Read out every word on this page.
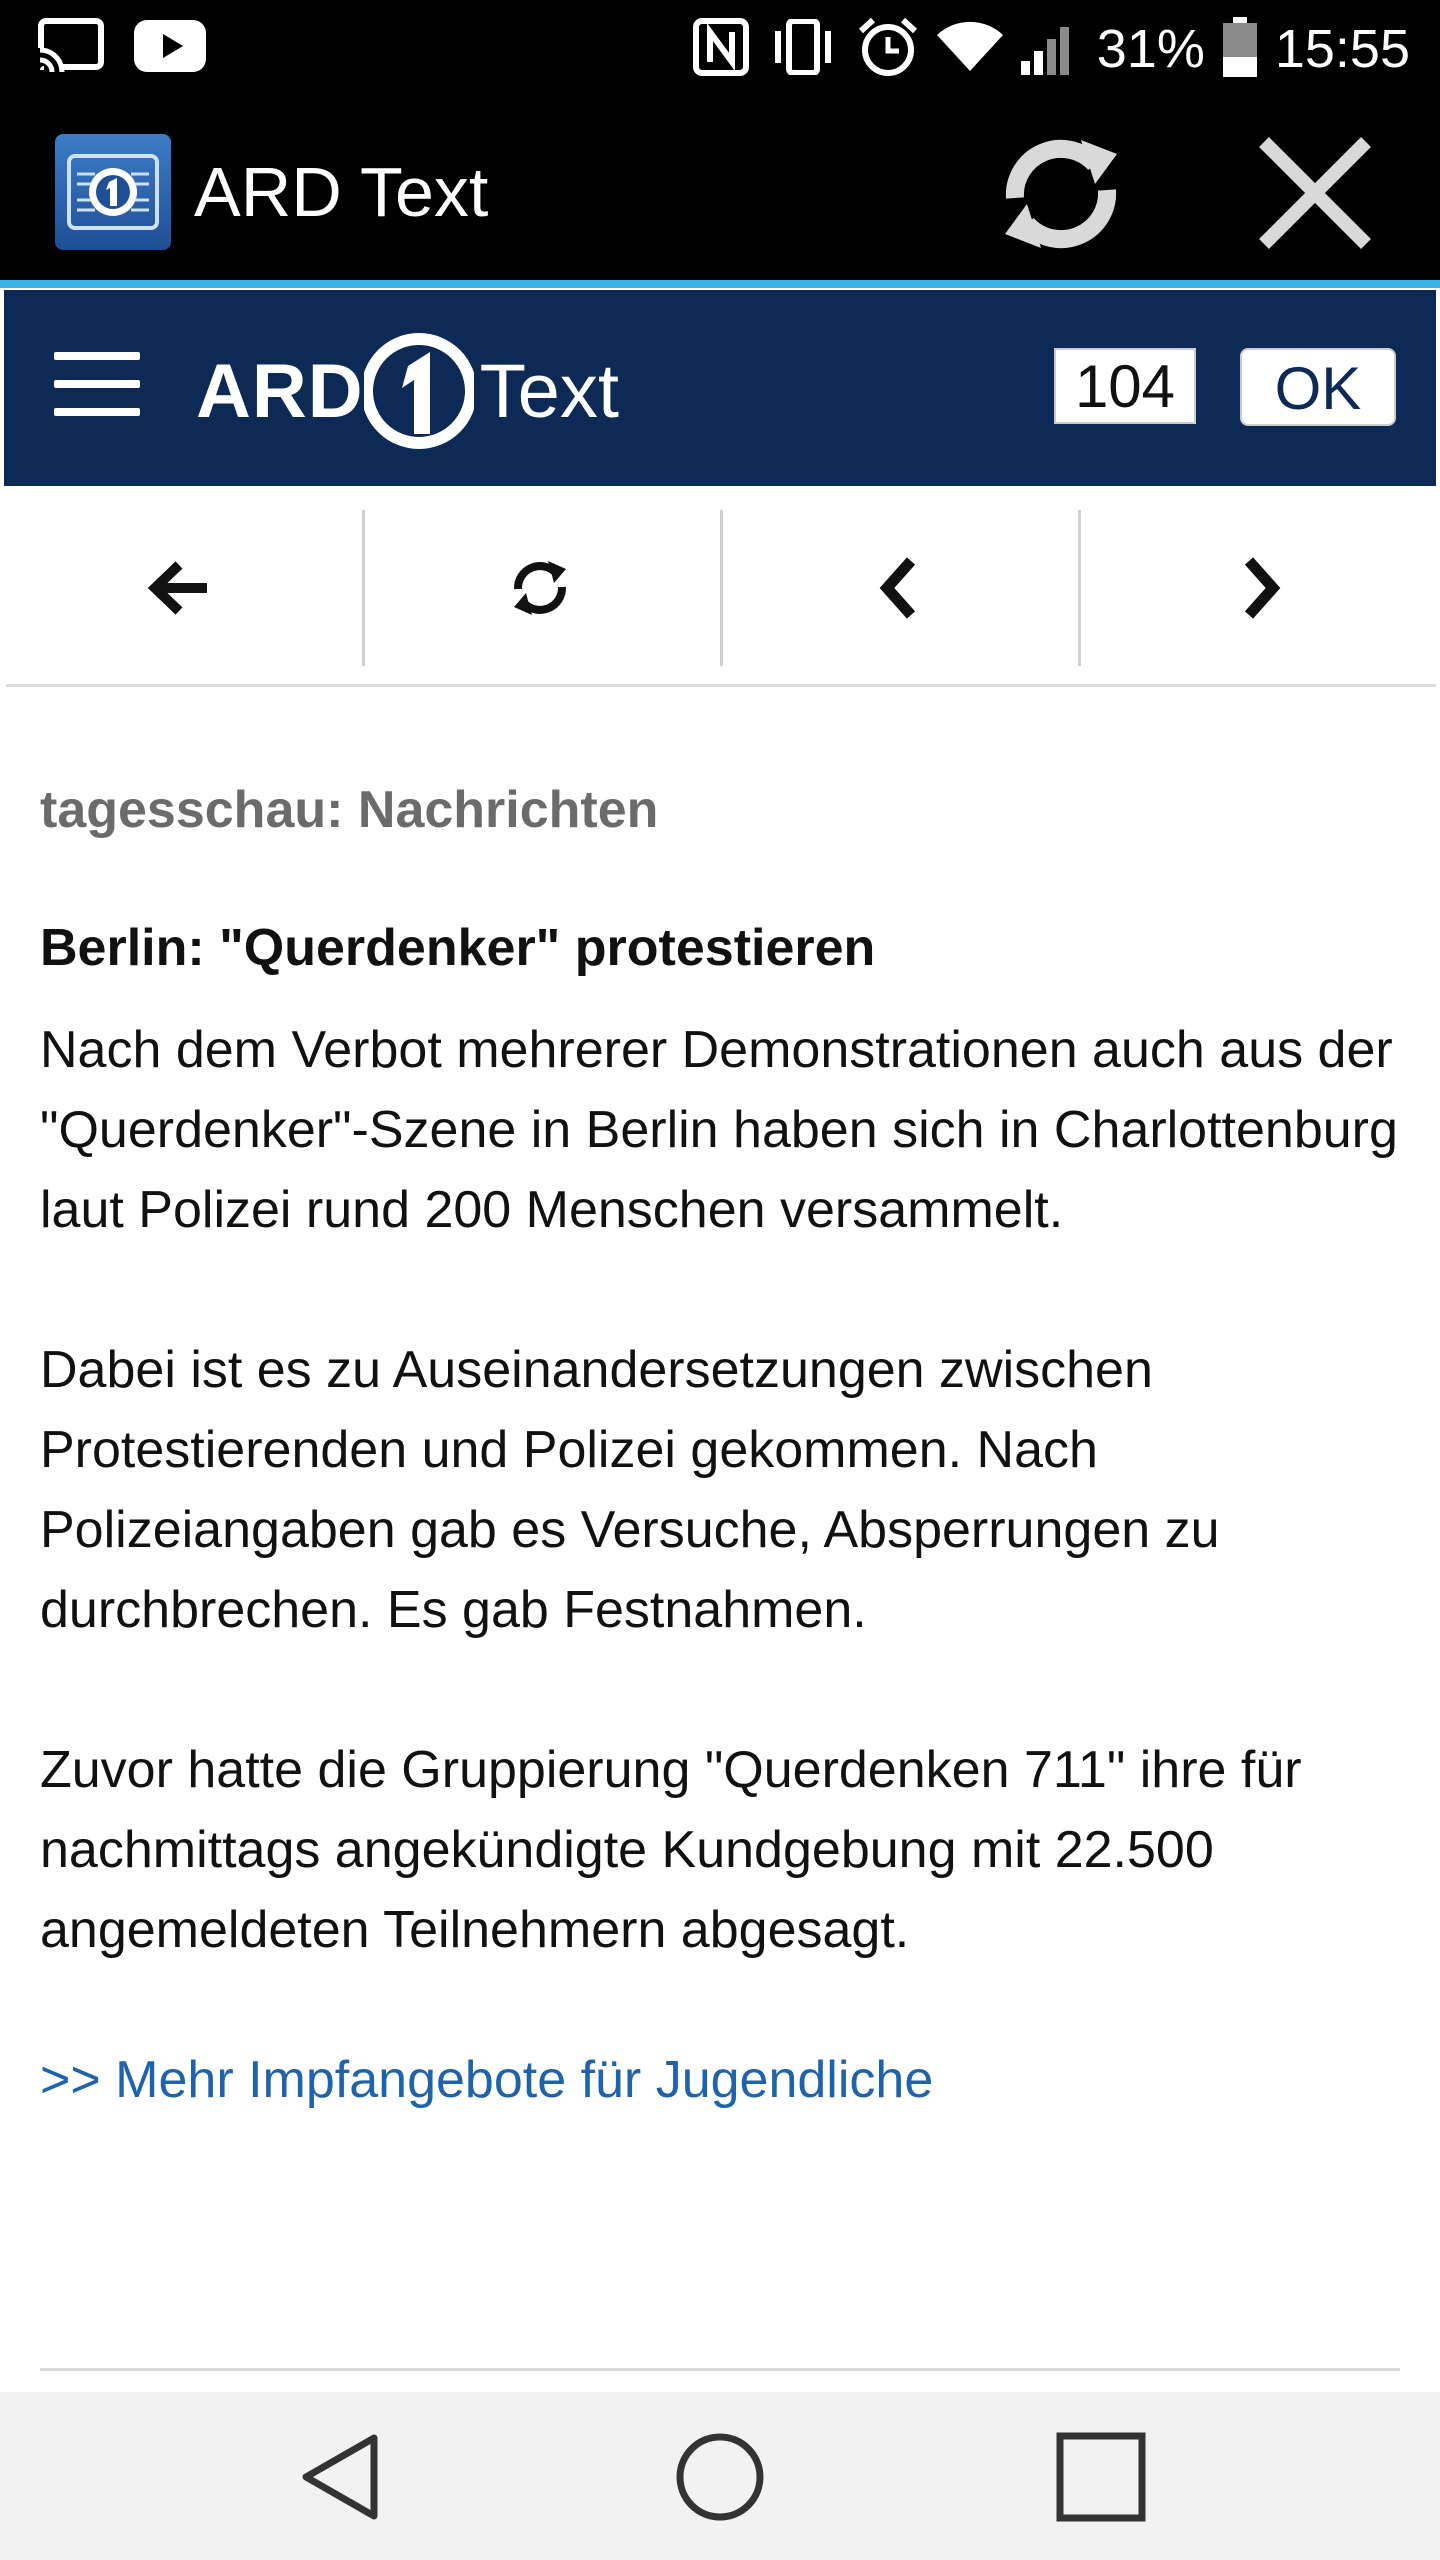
31% 15:55
ARD Text
ARD Text
104	OK

tagesschau: Nachrichten

Berlin: "Querdenker" protestieren

Nach dem Verbot mehrerer Demonstrationen auch aus der "Querdenker"-Szene in Berlin haben sich in Charlottenburg laut Polizei rund 200 Menschen versammelt.

Dabei ist es zu Auseinandersetzungen zwischen Protestierenden und Polizei gekommen. Nach Polizeiangaben gab es Versuche, Absperrungen zu durchbrechen. Es gab Festnahmen.

Zuvor hatte die Gruppierung "Querdenken 711" ihre für nachmittags angekündigte Kundgebung mit 22.500 angemeldeten Teilnehmern abgesagt.

>> Mehr Impfangebote für Jugendliche
